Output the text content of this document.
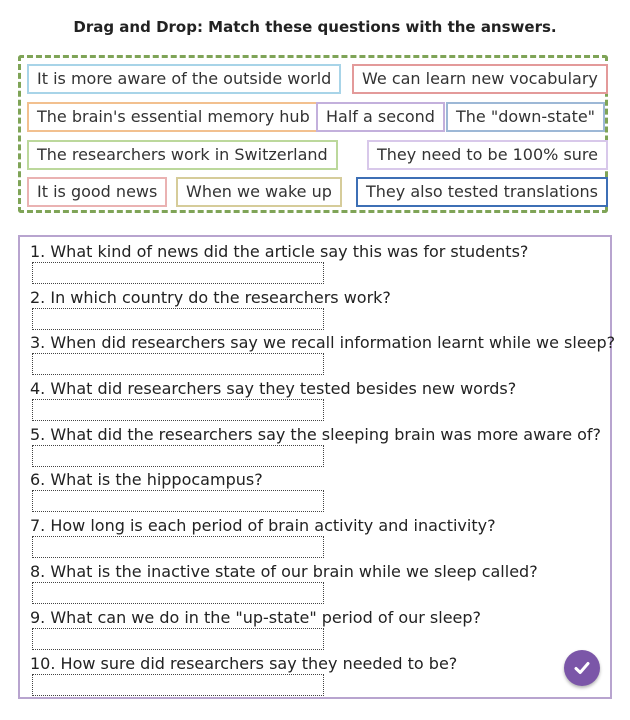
Drag and Drop: Match these questions with the answers.
It is more aware of the outside world	We can learn new vocabulary
The brain's essential memory hub	Half a second	The "down-state"
The researchers work in Switzerland	They need to be 100% sure
It is good news	When we wake up	They also tested translations
1. What kind of news did the article say this was for students?
2. In which country do the researchers work?
3. When did researchers say we recall information learnt while we sleep?
4. What did researchers say they tested besides new words?
5. What did the researchers say the sleeping brain was more aware of?
6. What is the hippocampus?
7. How long is each period of brain activity and inactivity?
8. What is the inactive state of our brain while we sleep called?
9. What can we do in the "up-state" period of our sleep?
10. How sure did researchers say they needed to be?
